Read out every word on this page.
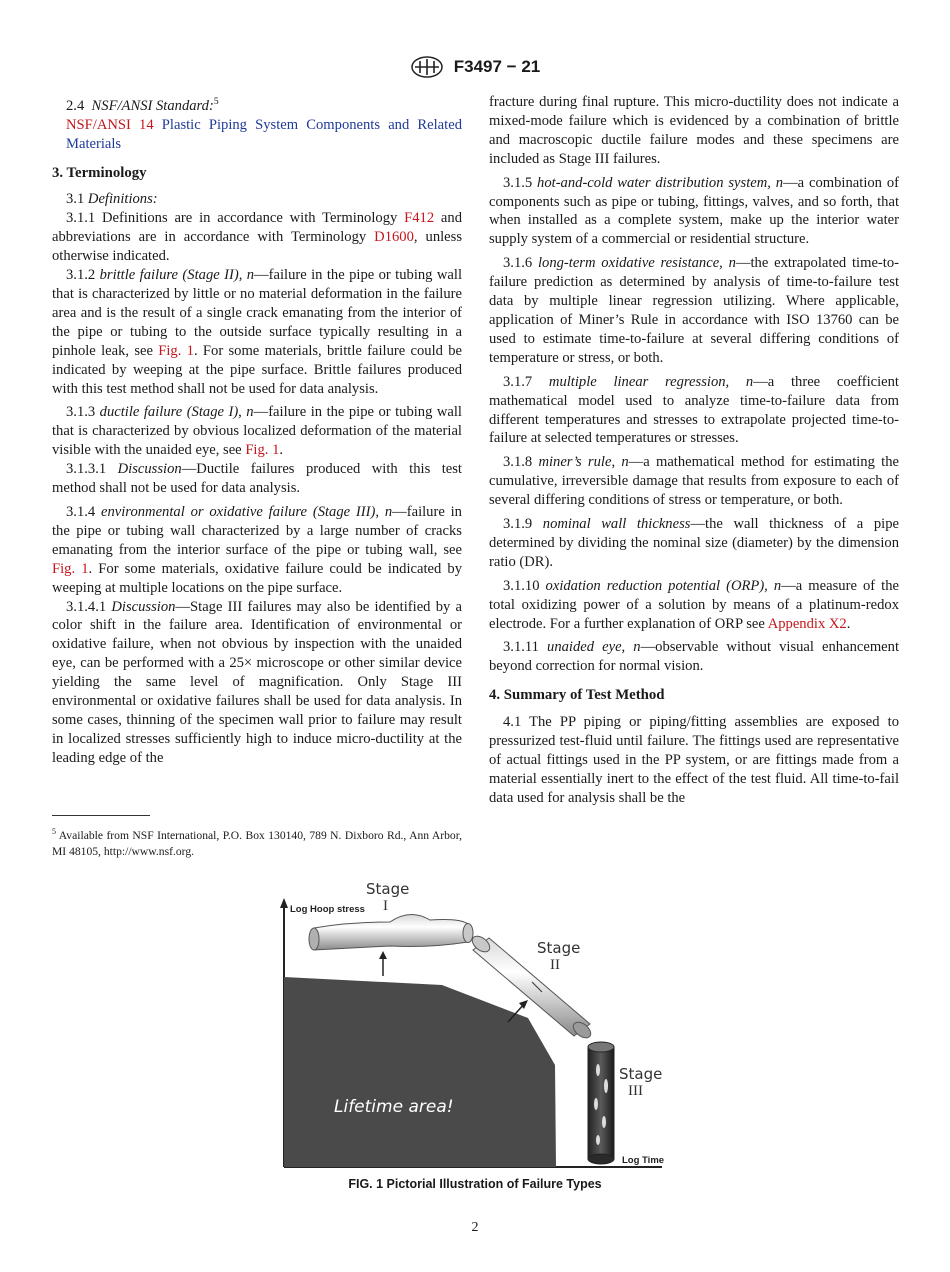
F3497 − 21

2.4 NSF/ANSI Standard:$^5$

NSF/ANSI 14 Plastic Piping System Components and Related Materials

3. Terminology

3.1 Definitions:

3.1.1 Definitions are in accordance with Terminology F412 and abbreviations are in accordance with Terminology D1600, unless otherwise indicated.

3.1.2 brittle failure (Stage II), n—failure in the pipe or tubing wall that is characterized by little or no material deformation in the failure area and is the result of a single crack emanating from the interior of the pipe or tubing to the outside surface typically resulting in a pinhole leak, see Fig. 1. For some materials, brittle failure could be indicated by weeping at the pipe surface. Brittle failures produced with this test method shall not be used for data analysis.

3.1.3 ductile failure (Stage I), n—failure in the pipe or tubing wall that is characterized by obvious localized deformation of the material visible with the unaided eye, see Fig. 1.

3.1.3.1 Discussion—Ductile failures produced with this test method shall not be used for data analysis.

3.1.4 environmental or oxidative failure (Stage III), n—failure in the pipe or tubing wall characterized by a large number of cracks emanating from the interior surface of the pipe or tubing wall, see Fig. 1. For some materials, oxidative failure could be indicated by weeping at multiple locations on the pipe surface.

3.1.4.1 Discussion—Stage III failures may also be identified by a color shift in the failure area. Identification of environmental or oxidative failure, when not obvious by inspection with the unaided eye, can be performed with a 25× microscope or other similar device yielding the same level of magnification. Only Stage III environmental or oxidative failures shall be used for data analysis. In some cases, thinning of the specimen wall prior to failure may result in localized stresses sufficiently high to induce micro-ductility at the leading edge of the

$^5$ Available from NSF International, P.O. Box 130140, 789 N. Dixboro Rd., Ann Arbor, MI 48105, http://www.nsf.org.

fracture during final rupture. This micro-ductility does not indicate a mixed-mode failure which is evidenced by a combination of brittle and macroscopic ductile failure modes and these specimens are included as Stage III failures.

3.1.5 hot-and-cold water distribution system, n—a combination of components such as pipe or tubing, fittings, valves, and so forth, that when installed as a complete system, make up the interior water supply system of a commercial or residential structure.

3.1.6 long-term oxidative resistance, n—the extrapolated time-to-failure prediction as determined by analysis of time-to-failure test data by multiple linear regression utilizing. Where applicable, application of Miner’s Rule in accordance with ISO 13760 can be used to estimate time-to-failure at several differing conditions of temperature or stress, or both.

3.1.7 multiple linear regression, n—a three coefficient mathematical model used to analyze time-to-failure data from different temperatures and stresses to extrapolate projected time-to-failure at selected temperatures or stresses.

3.1.8 miner’s rule, n—a mathematical method for estimating the cumulative, irreversible damage that results from exposure to each of several differing conditions of stress or temperature, or both.

3.1.9 nominal wall thickness—the wall thickness of a pipe determined by dividing the nominal size (diameter) by the dimension ratio (DR).

3.1.10 oxidation reduction potential (ORP), n—a measure of the total oxidizing power of a solution by means of a platinum-redox electrode. For a further explanation of ORP see Appendix X2.

3.1.11 unaided eye, n—observable without visual enhancement beyond correction for normal vision.

4. Summary of Test Method

4.1 The PP piping or piping/fitting assemblies are exposed to pressurized test-fluid until failure. The fittings used are representative of actual fittings used in the PP system, or are fittings made from a material essentially inert to the effect of the test fluid. All time-to-fail data used for analysis shall be the

Log Hoop stress
Log Time
Lifetime area!
Stage
I
Stage
II
Stage
III
FIG. 1 Pictorial Illustration of Failure Types
2
